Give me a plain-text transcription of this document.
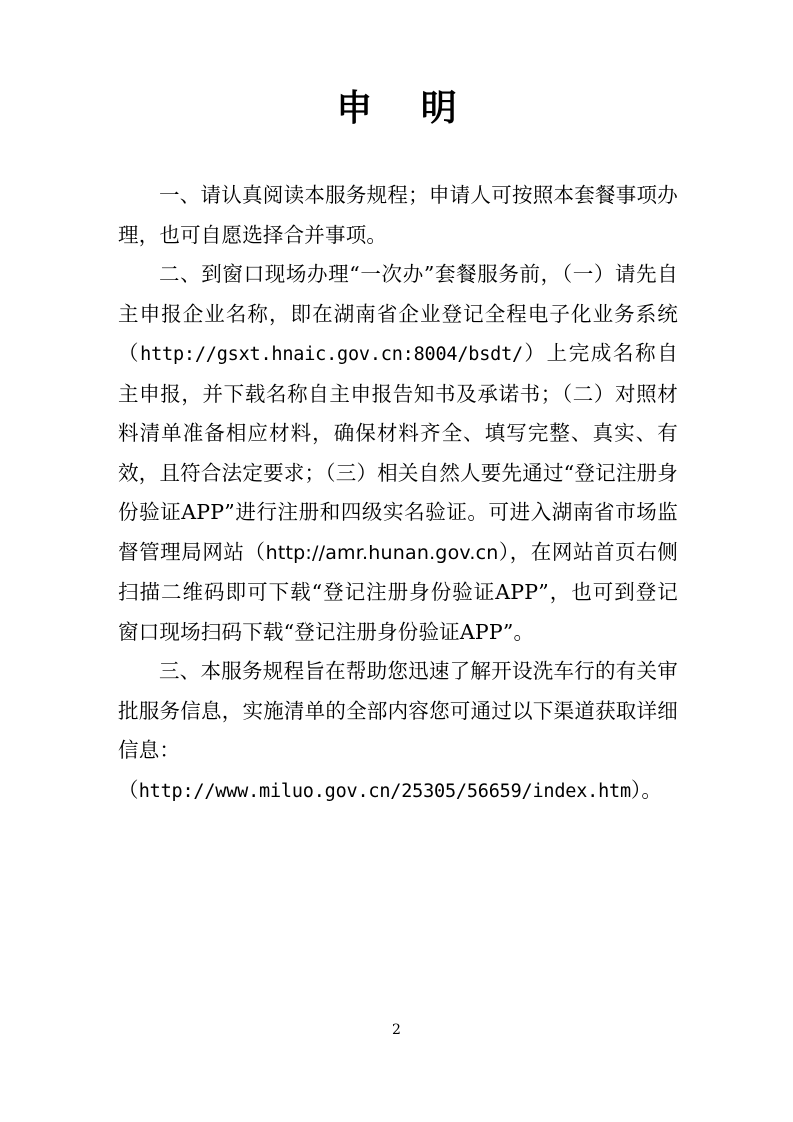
申 明

一、请认真阅读本服务规程；申请人可按照本套餐事项办理，也可自愿选择合并事项。

二、到窗口现场办理“一次办”套餐服务前，（一）请先自主申报企业名称，即在湖南省企业登记全程电子化业务系统（http://gsxt.hnaic.gov.cn:8004/bsdt/）上完成名称自主申报，并下载名称自主申报告知书及承诺书；（二）对照材料清单准备相应材料，确保材料齐全、填写完整、真实、有效，且符合法定要求；（三）相关自然人要先通过“登记注册身份验证APP”进行注册和四级实名验证。可进入湖南省市场监督管理局网站（http://amr.hunan.gov.cn），在网站首页右侧扫描二维码即可下载“登记注册身份验证APP”，也可到登记窗口现场扫码下载“登记注册身份验证APP”。

三、本服务规程旨在帮助您迅速了解开设洗车行的有关审批服务信息，实施清单的全部内容您可通过以下渠道获取详细信息：

（http://www.miluo.gov.cn/25305/56659/index.htm）。

2
